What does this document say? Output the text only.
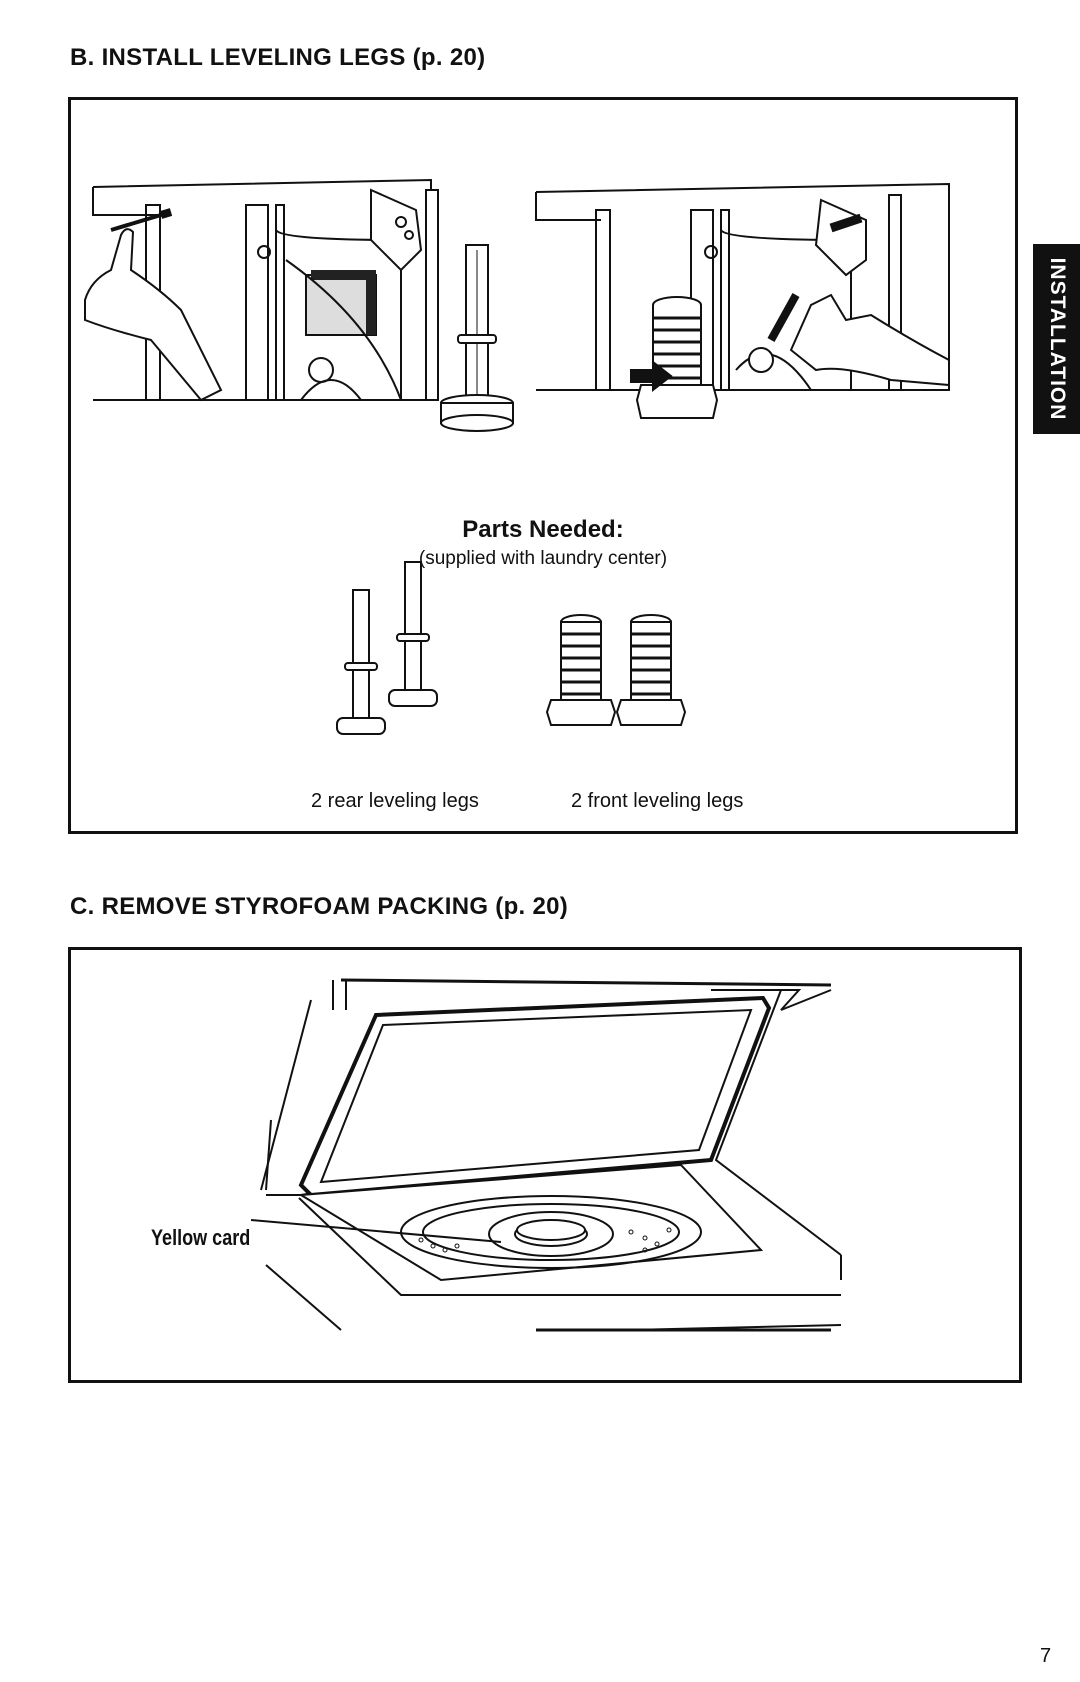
B. INSTALL LEVELING LEGS (p. 20)
Parts Needed:
(supplied with laundry center)
2 rear leveling legs	2 front leveling legs
INSTALLATION
C. REMOVE STYROFOAM PACKING (p. 20)
Yellow card
7
